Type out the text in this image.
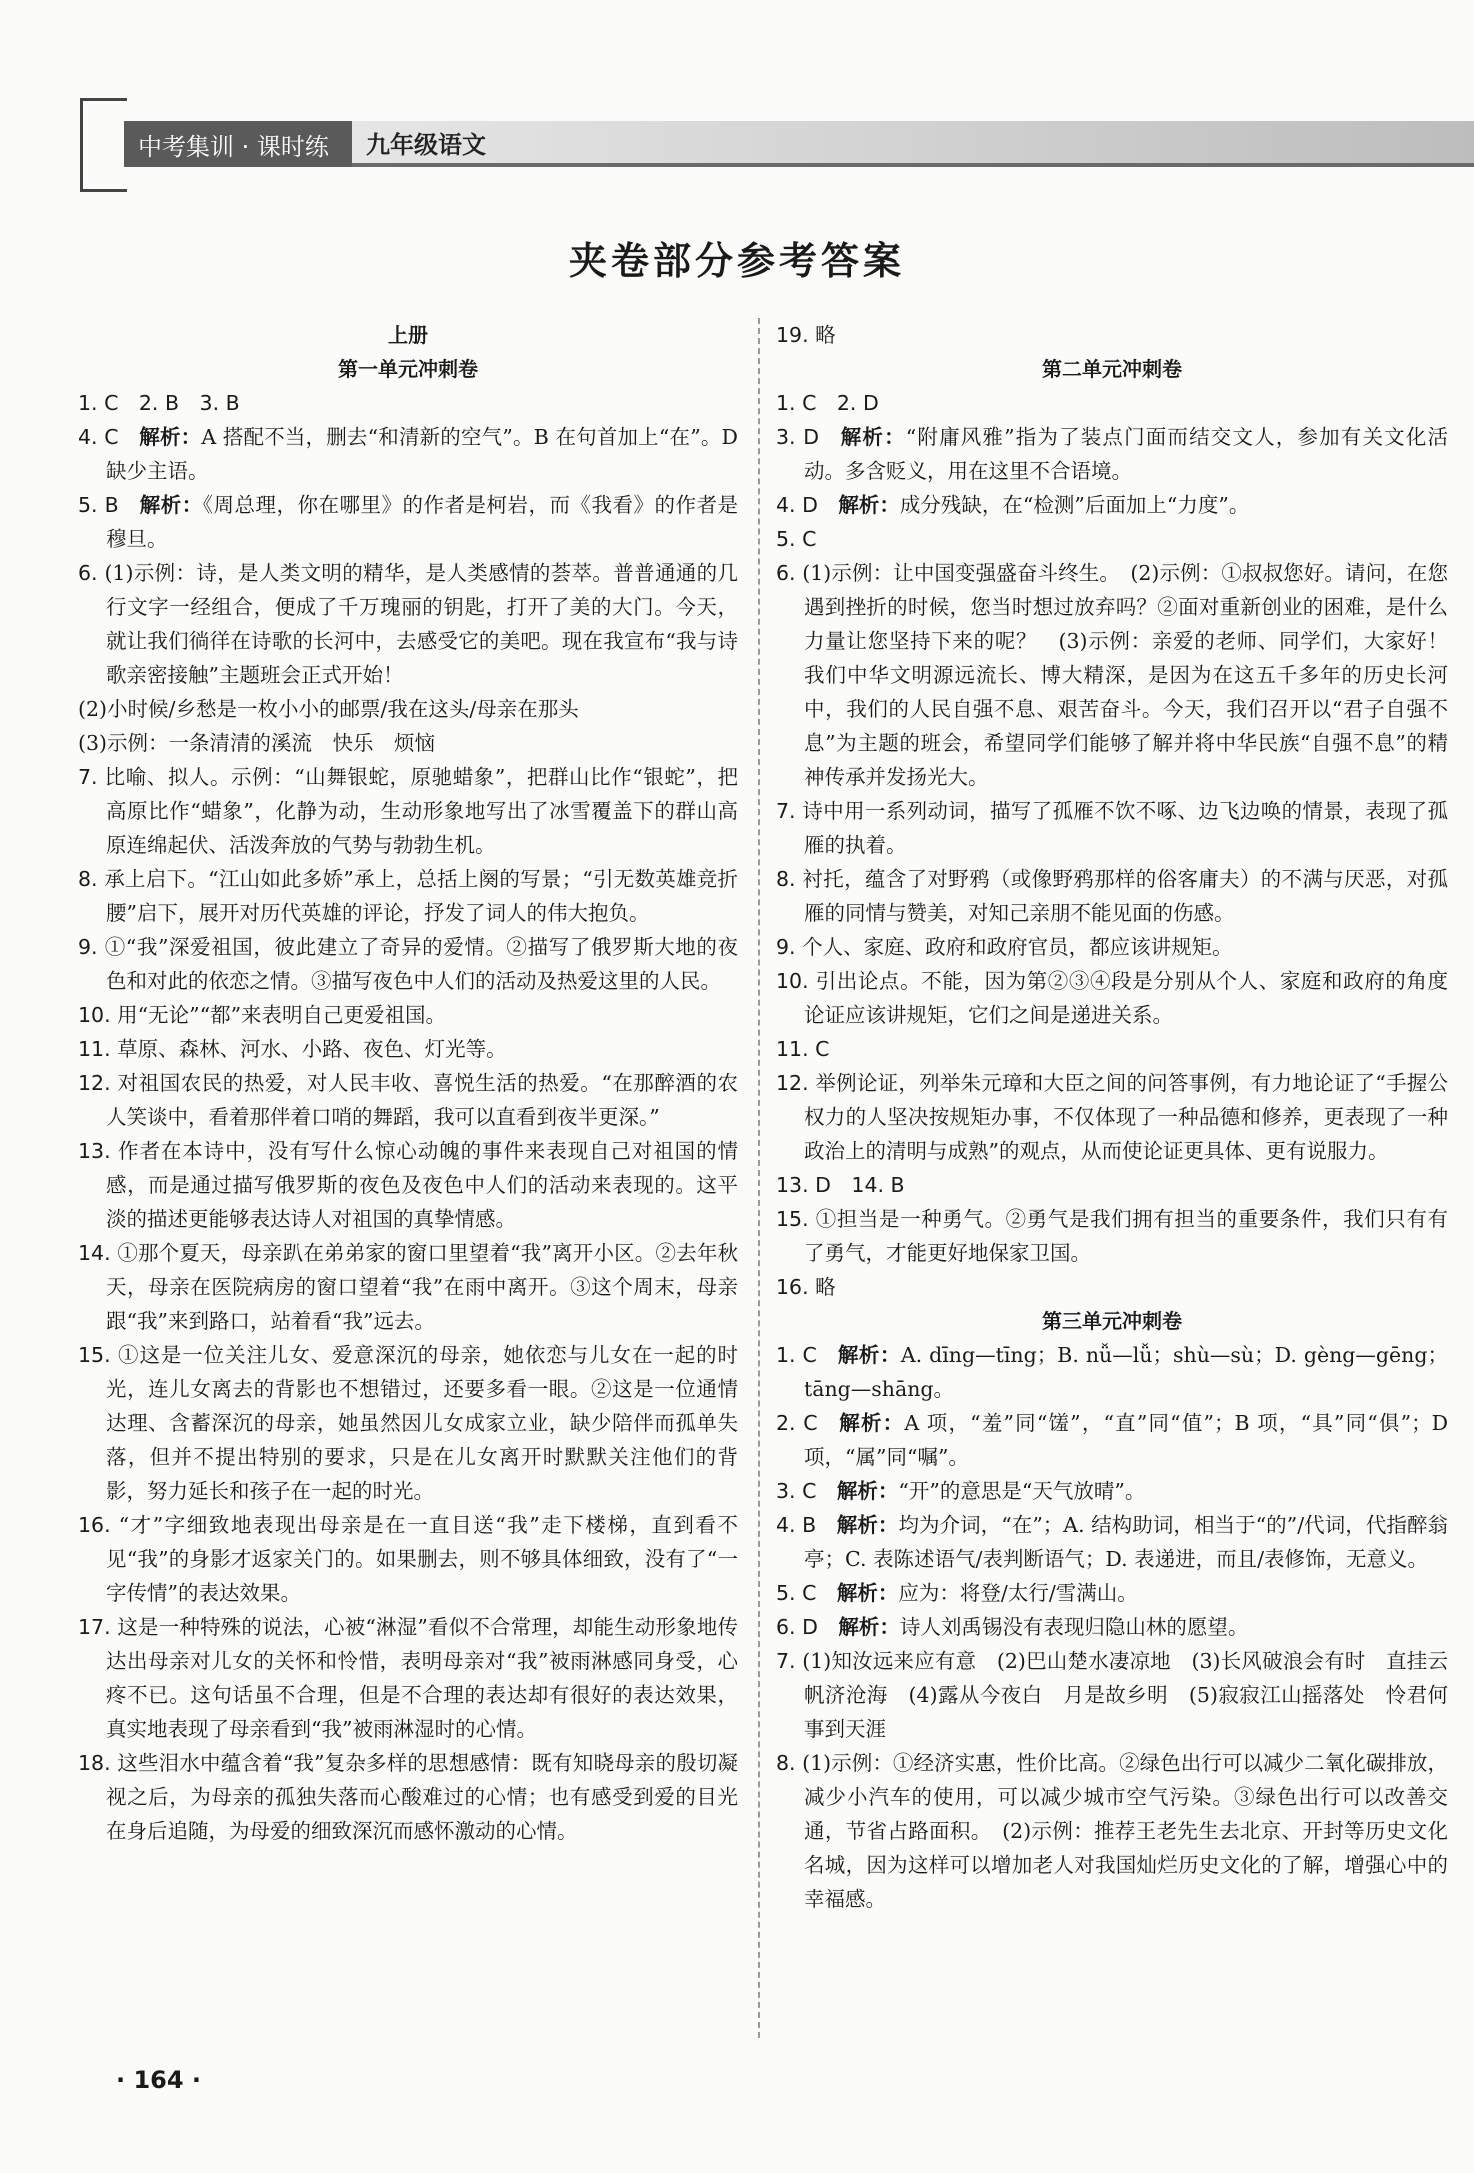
中考集训 · 课时练	九年级语文
夹卷部分参考答案
上册
第一单元冲刺卷
1. C　2. B　3. B
4. C 解析：A 搭配不当，删去“和清新的空气”。B 在句首加上“在”。D 缺少主语。
5. B 解析：《周总理，你在哪里》的作者是柯岩，而《我看》的作者是穆旦。
6. (1)示例：诗，是人类文明的精华，是人类感情的荟萃。普普通通的几行文字一经组合，便成了千万瑰丽的钥匙，打开了美的大门。今天，就让我们徜徉在诗歌的长河中，去感受它的美吧。现在我宣布“我与诗歌亲密接触”主题班会正式开始！
(2)小时候/乡愁是一枚小小的邮票/我在这头/母亲在那头
(3)示例：一条清清的溪流　快乐　烦恼
7. 比喻、拟人。示例：“山舞银蛇，原驰蜡象”，把群山比作“银蛇”，把高原比作“蜡象”，化静为动，生动形象地写出了冰雪覆盖下的群山高原连绵起伏、活泼奔放的气势与勃勃生机。
8. 承上启下。“江山如此多娇”承上，总括上阕的写景；“引无数英雄竞折腰”启下，展开对历代英雄的评论，抒发了词人的伟大抱负。
9. ①“我”深爱祖国，彼此建立了奇异的爱情。②描写了俄罗斯大地的夜色和对此的依恋之情。③描写夜色中人们的活动及热爱这里的人民。
10. 用“无论”“都”来表明自己更爱祖国。
11. 草原、森林、河水、小路、夜色、灯光等。
12. 对祖国农民的热爱，对人民丰收、喜悦生活的热爱。“在那醉酒的农人笑谈中，看着那伴着口哨的舞蹈，我可以直看到夜半更深。”
13. 作者在本诗中，没有写什么惊心动魄的事件来表现自己对祖国的情感，而是通过描写俄罗斯的夜色及夜色中人们的活动来表现的。这平淡的描述更能够表达诗人对祖国的真挚情感。
14. ①那个夏天，母亲趴在弟弟家的窗口里望着“我”离开小区。②去年秋天，母亲在医院病房的窗口望着“我”在雨中离开。③这个周末，母亲跟“我”来到路口，站着看“我”远去。
15. ①这是一位关注儿女、爱意深沉的母亲，她依恋与儿女在一起的时光，连儿女离去的背影也不想错过，还要多看一眼。②这是一位通情达理、含蓄深沉的母亲，她虽然因儿女成家立业，缺少陪伴而孤单失落，但并不提出特别的要求，只是在儿女离开时默默关注他们的背影，努力延长和孩子在一起的时光。
16. “才”字细致地表现出母亲是在一直目送“我”走下楼梯，直到看不见“我”的身影才返家关门的。如果删去，则不够具体细致，没有了“一字传情”的表达效果。
17. 这是一种特殊的说法，心被“淋湿”看似不合常理，却能生动形象地传达出母亲对儿女的关怀和怜惜，表明母亲对“我”被雨淋感同身受，心疼不已。这句话虽不合理，但是不合理的表达却有很好的表达效果，真实地表现了母亲看到“我”被雨淋湿时的心情。
18. 这些泪水中蕴含着“我”复杂多样的思想感情：既有知晓母亲的殷切凝视之后，为母亲的孤独失落而心酸难过的心情；也有感受到爱的目光在身后追随，为母爱的细致深沉而感怀激动的心情。
19. 略
第二单元冲刺卷
1. C　2. D
3. D 解析：“附庸风雅”指为了装点门面而结交文人，参加有关文化活动。多含贬义，用在这里不合语境。
4. D 解析：成分残缺，在“检测”后面加上“力度”。
5. C
6. (1)示例：让中国变强盛奋斗终生。　(2)示例：①叔叔您好。请问，在您遇到挫折的时候，您当时想过放弃吗？②面对重新创业的困难，是什么力量让您坚持下来的呢？　(3)示例：亲爱的老师、同学们，大家好！我们中华文明源远流长、博大精深，是因为在这五千多年的历史长河中，我们的人民自强不息、艰苦奋斗。今天，我们召开以“君子自强不息”为主题的班会，希望同学们能够了解并将中华民族“自强不息”的精神传承并发扬光大。
7. 诗中用一系列动词，描写了孤雁不饮不啄、边飞边唤的情景，表现了孤雁的执着。
8. 衬托，蕴含了对野鸦（或像野鸦那样的俗客庸夫）的不满与厌恶，对孤雁的同情与赞美，对知己亲朋不能见面的伤感。
9. 个人、家庭、政府和政府官员，都应该讲规矩。
10. 引出论点。不能，因为第②③④段是分别从个人、家庭和政府的角度论证应该讲规矩，它们之间是递进关系。
11. C
12. 举例论证，列举朱元璋和大臣之间的问答事例，有力地论证了“手握公权力的人坚决按规矩办事，不仅体现了一种品德和修养，更表现了一种政治上的清明与成熟”的观点，从而使论证更具体、更有说服力。
13. D　14. B
15. ①担当是一种勇气。②勇气是我们拥有担当的重要条件，我们只有有了勇气，才能更好地保家卫国。
16. 略
第三单元冲刺卷
1. C 解析：A. dīng—tīng；B. nǚ—lǚ；shù—sù；D. gèng—gēng；tāng—shāng。
2. C 解析：A 项，“羞”同“馐”，“直”同“值”；B 项，“具”同“俱”；D 项，“属”同“嘱”。
3. C 解析：“开”的意思是“天气放晴”。
4. B 解析：均为介词，“在”；A. 结构助词，相当于“的”/代词，代指醉翁亭；C. 表陈述语气/表判断语气；D. 表递进，而且/表修饰，无意义。
5. C 解析：应为：将登/太行/雪满山。
6. D 解析：诗人刘禹锡没有表现归隐山林的愿望。
7. (1)知汝远来应有意　(2)巴山楚水凄凉地　(3)长风破浪会有时　直挂云帆济沧海　(4)露从今夜白　月是故乡明　(5)寂寂江山摇落处　怜君何事到天涯
8. (1)示例：①经济实惠，性价比高。②绿色出行可以减少二氧化碳排放，减少小汽车的使用，可以减少城市空气污染。③绿色出行可以改善交通，节省占路面积。　(2)示例：推荐王老先生去北京、开封等历史文化名城，因为这样可以增加老人对我国灿烂历史文化的了解，增强心中的幸福感。
· 164 ·
